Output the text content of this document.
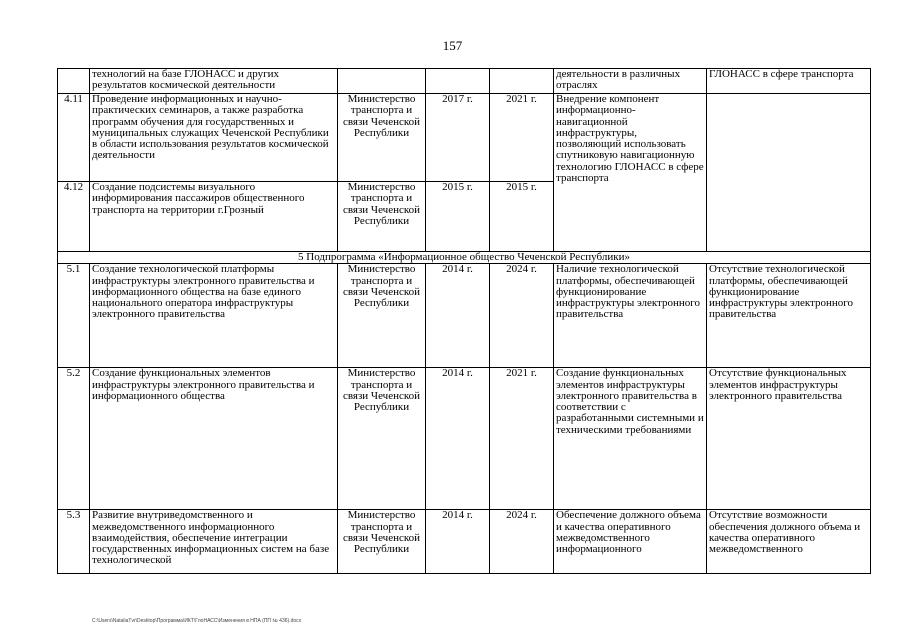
157
	технологий на базе ГЛОНАСС и других результатов космической деятельности				деятельности в различных отраслях	ГЛОНАСС в сфере транспорта
4.11	Проведение информационных и научно-практических семинаров, а также разработка программ обучения для государственных и муниципальных служащих Чеченской Республики в области использования результатов космической деятельности	Министерство транспорта и связи Чеченской Республики	2017 г.	2021 г.	Внедрение компонент информационно-навигационной инфраструктуры, позволяющий использовать спутниковую навигационную технологию ГЛОНАСС в сфере транспорта	
4.12	Создание подсистемы визуального информирования пассажиров общественного транспорта на территории г.Грозный	Министерство транспорта и связи Чеченской Республики	2015 г.	2015 г.		
5 Подпрограмма «Информационное общество Чеченской Республики»						
5.1	Создание технологической платформы инфраструктуры электронного правительства и информационного общества на базе единого национального оператора инфраструктуры электронного правительства	Министерство транспорта и связи Чеченской Республики	2014 г.	2024 г.	Наличие технологической платформы, обеспечивающей функционирование инфраструктуры электронного правительства	Отсутствие технологической платформы, обеспечивающей функционирование инфраструктуры электронного правительства
5.2	Создание функциональных элементов инфраструктуры электронного правительства и информационного общества	Министерство транспорта и связи Чеченской Республики	2014 г.	2021 г.	Создание функциональных элементов инфраструктуры электронного правительства в соответствии с разработанными системными и техническими требованиями	Отсутствие функциональных элементов инфраструктуры электронного правительства
5.3	Развитие внутриведомственного и межведомственного информационного взаимодействия, обеспечение интеграции государственных информационных систем на базе технологической	Министерство транспорта и связи Чеченской Республики	2014 г.	2024 г.	Обеспечение должного объема и качества оперативного межведомственного информационного	Отсутствие возможности обеспечения должного объема и качества оперативного межведомственного
C:\Users\NataliaTvr\Desktop\Программа\ИКТ\ГлоНАСС\Изменения в НПА (ПП № 436).docx
